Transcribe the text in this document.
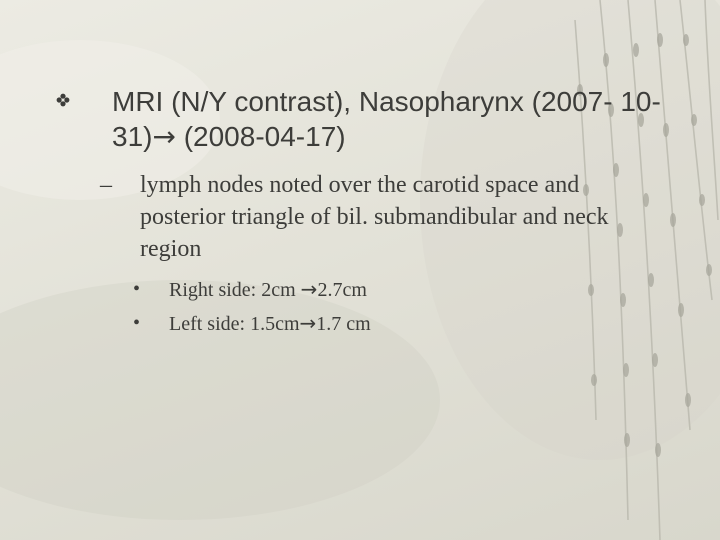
MRI (N/Y contrast), Nasopharynx (2007- 10-31)→ (2008-04-17)
– lymph nodes noted over the carotid space and posterior triangle of bil. submandibular and neck region
• Right side: 2cm →2.7cm
• Left side: 1.5cm→1.7 cm
